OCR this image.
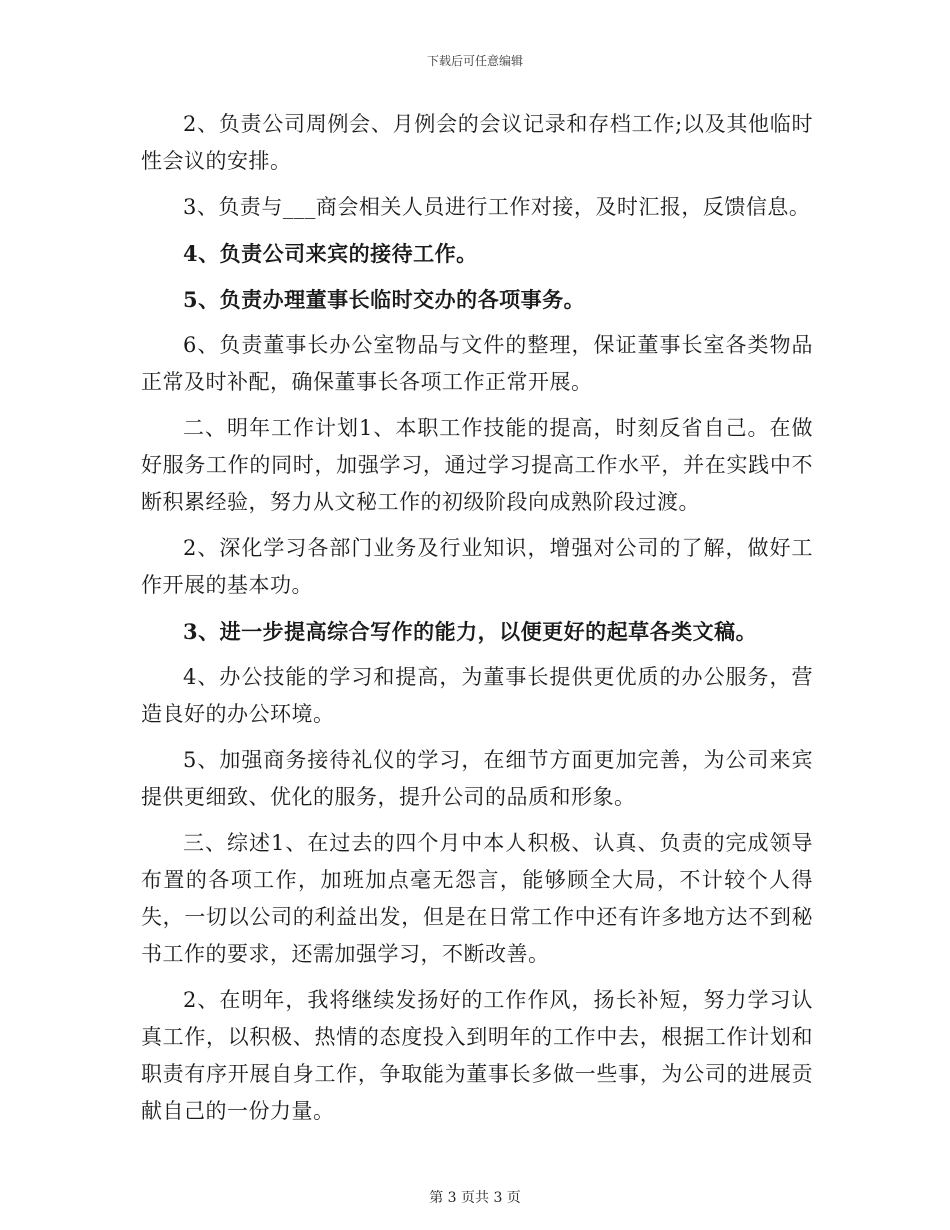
下载后可任意编辑

2、负责公司周例会、月例会的会议记录和存档工作;以及其他临时性会议的安排。

3、负责与___商会相关人员进行工作对接，及时汇报，反馈信息。

4、负责公司来宾的接待工作。

5、负责办理董事长临时交办的各项事务。

6、负责董事长办公室物品与文件的整理，保证董事长室各类物品正常及时补配，确保董事长各项工作正常开展。

二、明年工作计划1、本职工作技能的提高，时刻反省自己。在做好服务工作的同时，加强学习，通过学习提高工作水平，并在实践中不断积累经验，努力从文秘工作的初级阶段向成熟阶段过渡。

2、深化学习各部门业务及行业知识，增强对公司的了解，做好工作开展的基本功。

3、进一步提高综合写作的能力，以便更好的起草各类文稿。

4、办公技能的学习和提高，为董事长提供更优质的办公服务，营造良好的办公环境。

5、加强商务接待礼仪的学习，在细节方面更加完善，为公司来宾提供更细致、优化的服务，提升公司的品质和形象。

三、综述1、在过去的四个月中本人积极、认真、负责的完成领导布置的各项工作，加班加点毫无怨言，能够顾全大局，不计较个人得失，一切以公司的利益出发，但是在日常工作中还有许多地方达不到秘书工作的要求，还需加强学习，不断改善。

2、在明年，我将继续发扬好的工作作风，扬长补短，努力学习认真工作，以积极、热情的态度投入到明年的工作中去，根据工作计划和职责有序开展自身工作，争取能为董事长多做一些事，为公司的进展贡献自己的一份力量。

第 3 页共 3 页
